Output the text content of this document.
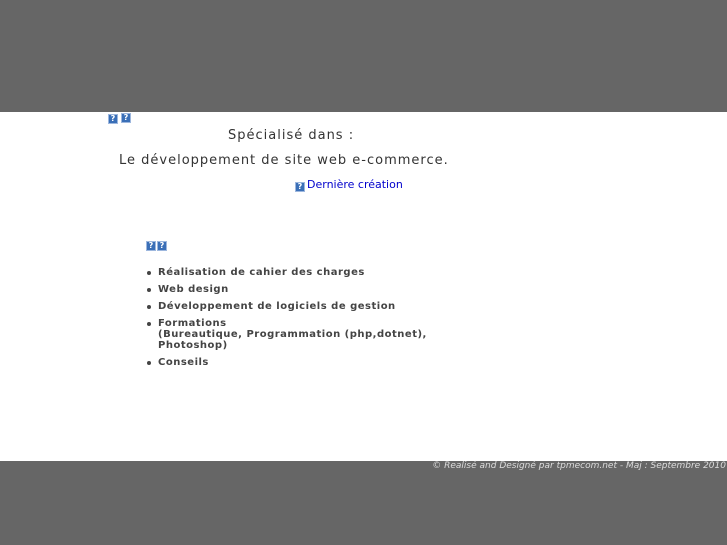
?	?
Spécialisé dans :
Le développement de site web e-commerce.
? Dernière création
? ?
Réalisation de cahier des charges
Web design
Développement de logiciels de gestion
Formations
(Bureautique, Programmation (php,dotnet), Photoshop)
Conseils
© Realisé and Designé par tpmecom.net - Maj : Septembre 2010
